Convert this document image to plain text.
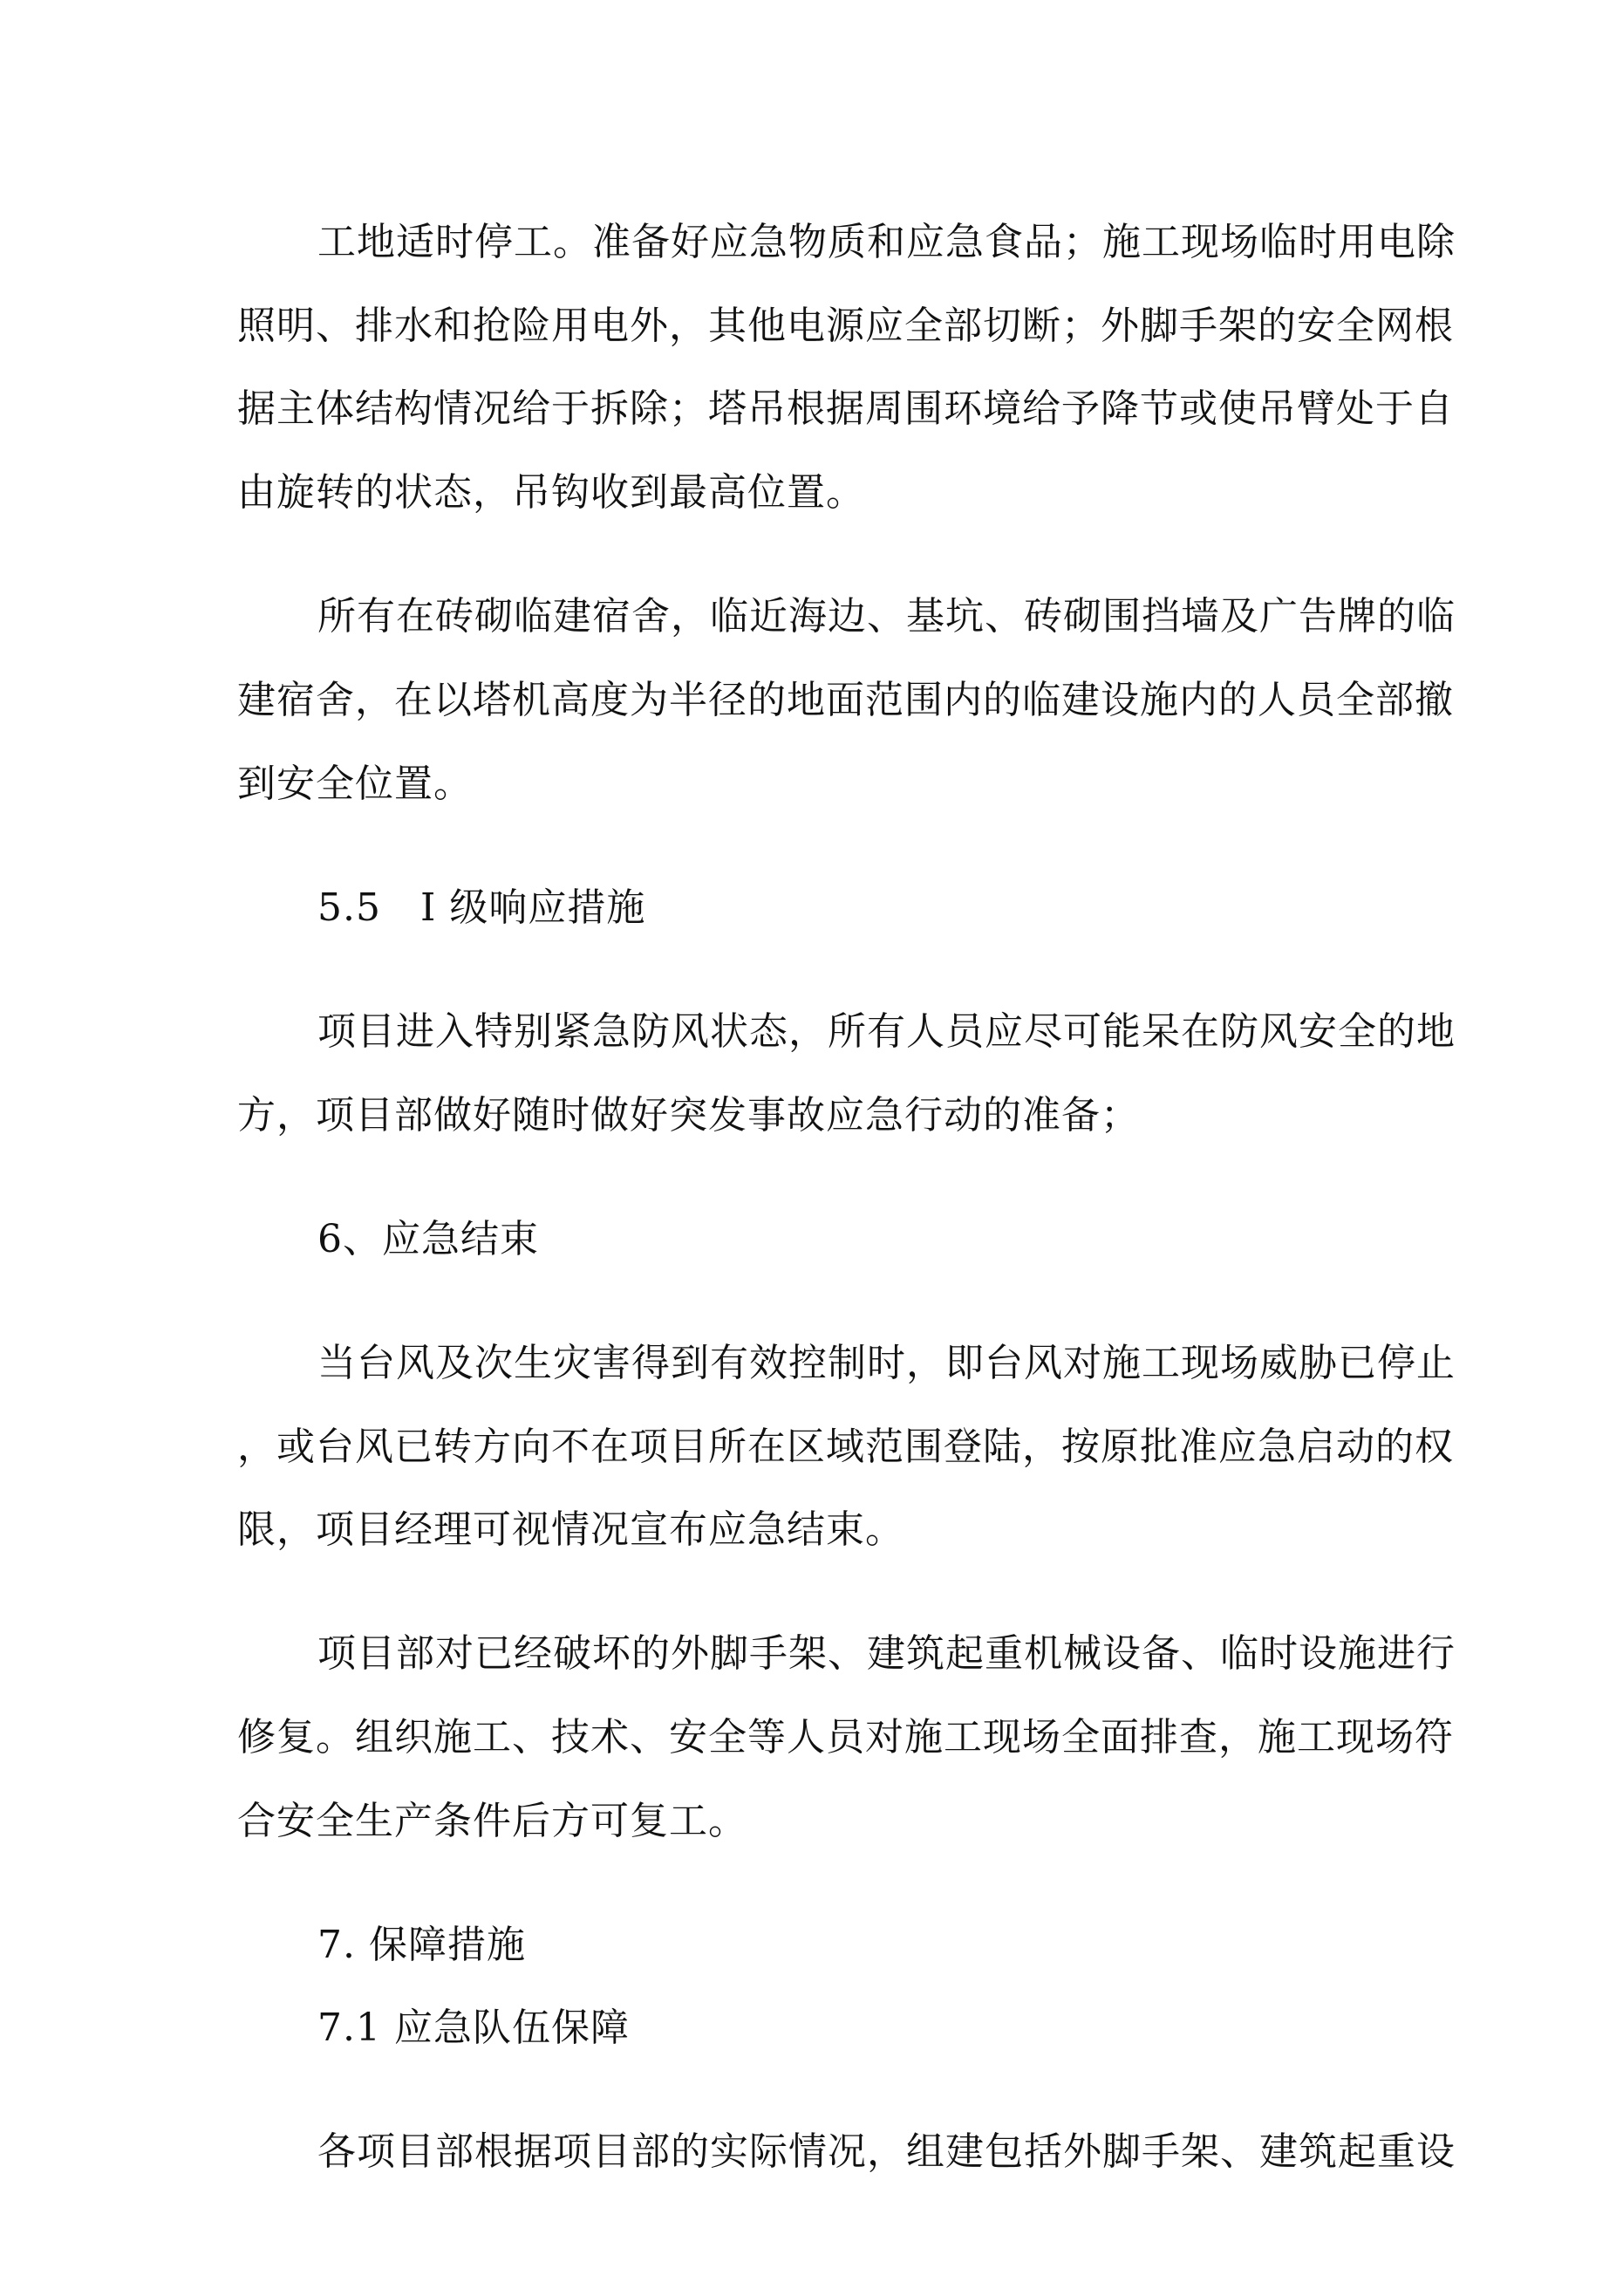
工地适时停工。准备好应急物质和应急食品；施工现场临时用电除
照明、排水和抢险用电外，其他电源应全部切断；外脚手架的安全网根
据主体结构情况给于拆除；塔吊根据周围环境给予降节或使吊臂处于自
由旋转的状态，吊钩收到最高位置。
所有在砖砌临建宿舍，临近海边、基坑、砖砌围挡墙及广告牌的临
建宿舍，在以塔机高度为半径的地面范围内的临建设施内的人员全部撤
到安全位置。
5.5　I 级响应措施
项目进入特别紧急防风状态，所有人员应尽可能呆在防风安全的地
方，项目部做好随时做好突发事故应急行动的准备；
6、应急结束
当台风及次生灾害得到有效控制时，即台风对施工现场威胁已停止
，或台风已转方向不在项目所在区域范围登陆，按原批准应急启动的权
限，项目经理可视情况宣布应急结束。
项目部对已经破坏的外脚手架、建筑起重机械设备、临时设施进行
修复。组织施工、技术、安全等人员对施工现场全面排查，施工现场符
合安全生产条件后方可复工。
7. 保障措施
7.1 应急队伍保障
各项目部根据项目部的实际情况，组建包括外脚手架、建筑起重设
